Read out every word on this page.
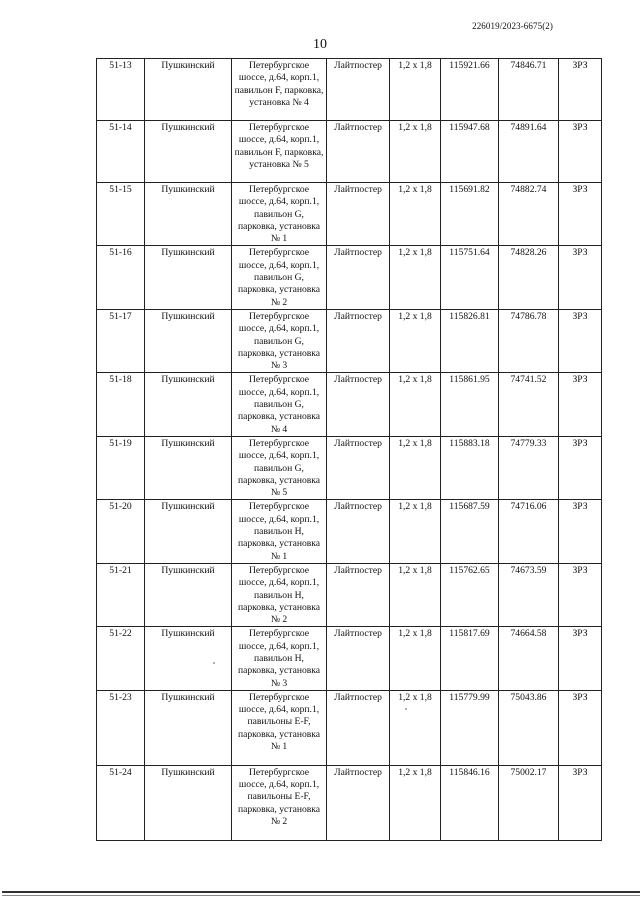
226019/2023-6675(2)
10
51-13	Пушкинский	Петербургское шоссе, д.64, корп.1, павильон F, парковка, установка № 4	Лайтпостер	1,2 x 1,8	115921.66	74846.71	ЗРЗ
51-14	Пушкинский	Петербургское шоссе, д.64, корп.1, павильон F, парковка, установка № 5	Лайтпостер	1,2 x 1,8	115947.68	74891.64	ЗРЗ
51-15	Пушкинский	Петербургское шоссе, д.64, корп.1, павильон G, парковка, установка № 1	Лайтпостер	1,2 x 1,8	115691.82	74882.74	ЗРЗ
51-16	Пушкинский	Петербургское шоссе, д.64, корп.1, павильон G, парковка, установка № 2	Лайтпостер	1,2 x 1,8	115751.64	74828.26	ЗРЗ
51-17	Пушкинский	Петербургское шоссе, д.64, корп.1, павильон G, парковка, установка № 3	Лайтпостер	1,2 x 1,8	115826.81	74786.78	ЗРЗ
51-18	Пушкинский	Петербургское шоссе, д.64, корп.1, павильон G, парковка, установка № 4	Лайтпостер	1,2 x 1,8	115861.95	74741.52	ЗРЗ
51-19	Пушкинский	Петербургское шоссе, д.64, корп.1, павильон G, парковка, установка № 5	Лайтпостер	1,2 x 1,8	115883.18	74779.33	ЗРЗ
51-20	Пушкинский	Петербургское шоссе, д.64, корп.1, павильон H, парковка, установка № 1	Лайтпостер	1,2 x 1,8	115687.59	74716.06	ЗРЗ
51-21	Пушкинский	Петербургское шоссе, д.64, корп.1, павильон H, парковка, установка № 2	Лайтпостер	1,2 x 1,8	115762.65	74673.59	ЗРЗ
51-22	Пушкинский	Петербургское шоссе, д.64, корп.1, павильон H, парковка, установка № 3	Лайтпостер	1,2 x 1,8	115817.69	74664.58	ЗРЗ
51-23	Пушкинский	Петербургское шоссе, д.64, корп.1, павильоны E-F, парковка, установка № 1	Лайтпостер	1,2 x 1,8	115779.99	75043.86	ЗРЗ
51-24	Пушкинский	Петербургское шоссе, д.64, корп.1, павильоны E-F, парковка, установка № 2	Лайтпостер	1,2 x 1,8	115846.16	75002.17	ЗРЗ
